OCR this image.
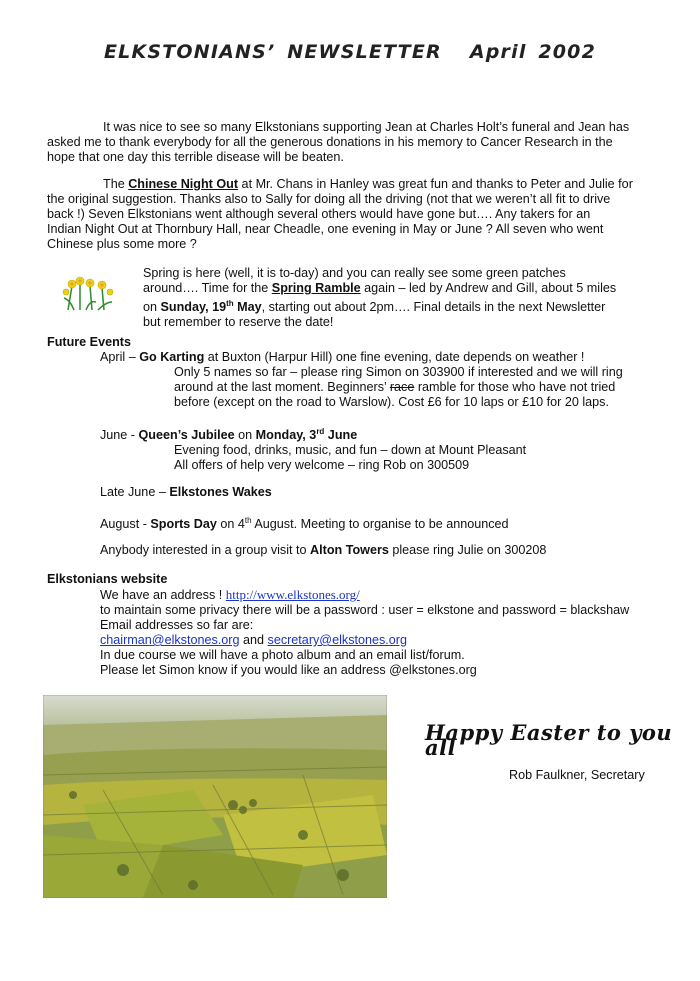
ELKSTONIANS’ NEWSLETTER April 2002
It was nice to see so many Elkstonians supporting Jean at Charles Holt’s funeral and Jean has
asked me to thank everybody for all the generous donations in his memory to Cancer Research in the
hope that one day this terrible disease will be beaten.
The Chinese Night Out at Mr. Chans in Hanley was great fun and thanks to Peter and Julie for
the original suggestion. Thanks also to Sally for doing all the driving (not that we weren’t all fit to drive
back !) Seven Elkstonians went although several others would have gone but…. Any takers for an
Indian Night Out at Thornbury Hall, near Cheadle, one evening in May or June ? All seven who went
Chinese plus some more ?
Spring is here (well, it is to-day) and you can really see some green patches
around…. Time for the Spring Ramble again – led by Andrew and Gill, about 5 miles
on Sunday, 19th May, starting out about 2pm…. Final details in the next Newsletter
but remember to reserve the date!
Future Events
April – Go Karting at Buxton (Harpur Hill) one fine evening, date depends on weather !
Only 5 names so far – please ring Simon on 303900 if interested and we will ring
around at the last moment. Beginners’ race ramble for those who have not tried
before (except on the road to Warslow). Cost £6 for 10 laps or £10 for 20 laps.
June - Queen’s Jubilee on Monday, 3rd June
Evening food, drinks, music, and fun – down at Mount Pleasant
All offers of help very welcome – ring Rob on 300509
Late June – Elkstones Wakes
August - Sports Day on 4th August. Meeting to organise to be announced
Anybody interested in a group visit to Alton Towers please ring Julie on 300208
Elkstonians website
We have an address ! http://www.elkstones.org/
to maintain some privacy there will be a password : user = elkstone and password = blackshaw
Email addresses so far are:
chairman@elkstones.org and secretary@elkstones.org
In due course we will have a photo album and an email list/forum.
Please let Simon know if you would like an address @elkstones.org
Happy Easter to you all
Rob Faulkner, Secretary
